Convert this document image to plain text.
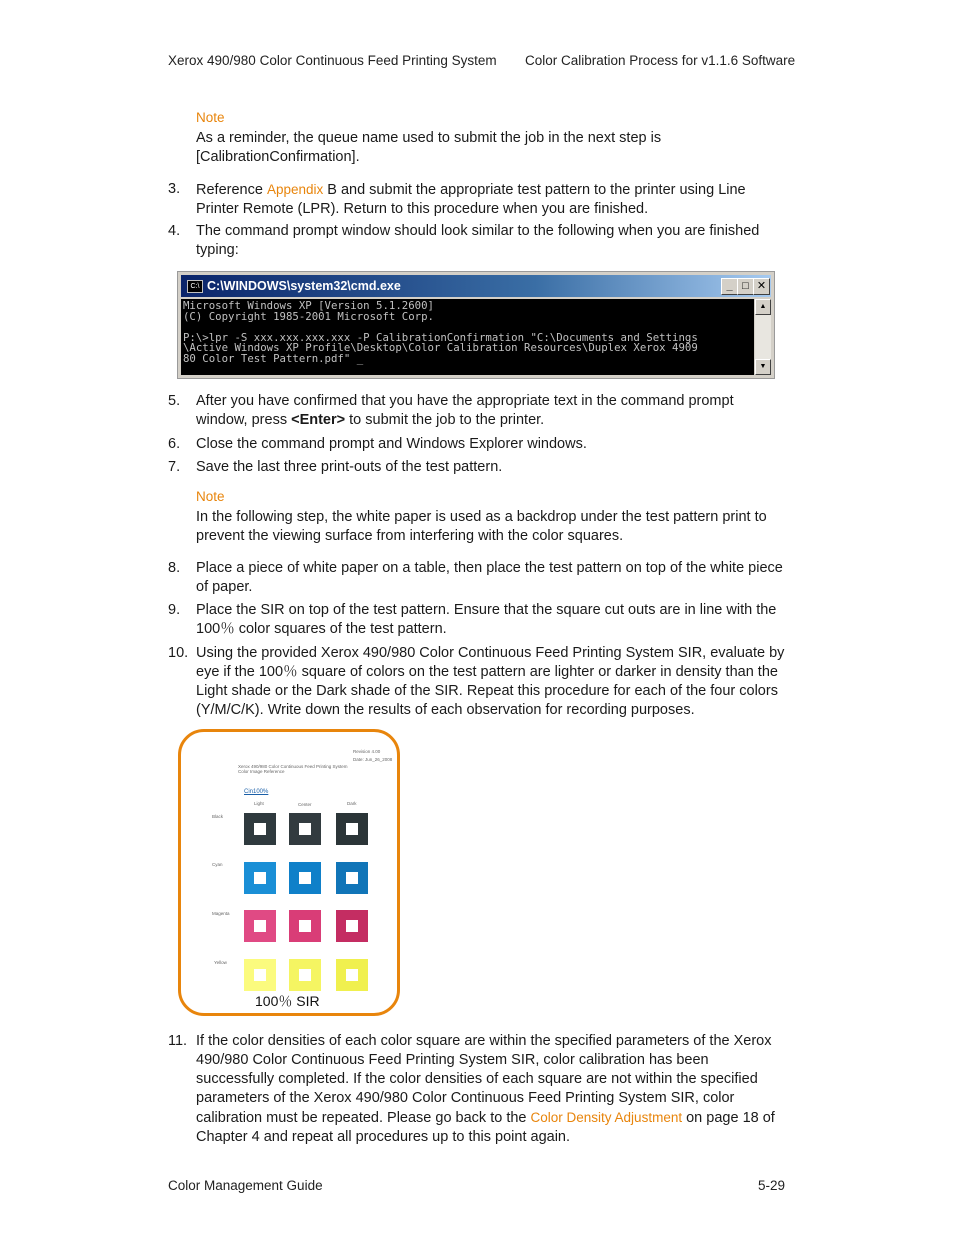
Xerox 490/980 Color Continuous Feed Printing System Color Calibration Process for v1.1.6 Software
Note
As a reminder, the queue name used to submit the job in the next step is [CalibrationConfirmation].
3. Reference Appendix B and submit the appropriate test pattern to the printer using Line Printer Remote (LPR). Return to this procedure when you are finished.
4. The command prompt window should look similar to the following when you are finished typing:
C:\ C:\WINDOWS\system32\cmd.exe	_ □ ✕
Microsoft Windows XP [Version 5.1.2600]
(C) Copyright 1985-2001 Microsoft Corp.

P:\>lpr -S xxx.xxx.xxx.xxx -P CalibrationConfirmation "C:\Documents and Settings
\Active Windows XP Profile\Desktop\Color Calibration Resources\Duplex Xerox 4909
80 Color Test Pattern.pdf" _
▲
▼
5. After you have confirmed that you have the appropriate text in the command prompt window, press <Enter> to submit the job to the printer.
6. Close the command prompt and Windows Explorer windows.
7. Save the last three print-outs of the test pattern.
Note
In the following step, the white paper is used as a backdrop under the test pattern print to prevent the viewing surface from interfering with the color squares.
8. Place a piece of white paper on a table, then place the test pattern on top of the white piece of paper.
9. Place the SIR on top of the test pattern. Ensure that the square cut outs are in line with the 100％ color squares of the test pattern.
10. Using the provided Xerox 490/980 Color Continuous Feed Printing System SIR, evaluate by eye if the 100％ square of colors on the test pattern are lighter or darker in density than the Light shade or the Dark shade of the SIR. Repeat this procedure for each of the four colors (Y/M/C/K). Write down the results of each observation for recording purposes.
Revision 4.00
Date: Jun_26_2008
Xerox 490/980 Color Continuous Feed Printing System
Color Image Reference
Cin100%
Light	Center	Dark
Black
Cyan
Magenta
Yellow
100％ SIR
11. If the color densities of each color square are within the specified parameters of the Xerox 490/980 Color Continuous Feed Printing System SIR, color calibration has been successfully completed. If the color densities of each square are not within the specified parameters of the Xerox 490/980 Color Continuous Feed Printing System SIR, color calibration must be repeated. Please go back to the Color Density Adjustment on page 18 of Chapter 4 and repeat all procedures up to this point again.
Color Management Guide	5-29
